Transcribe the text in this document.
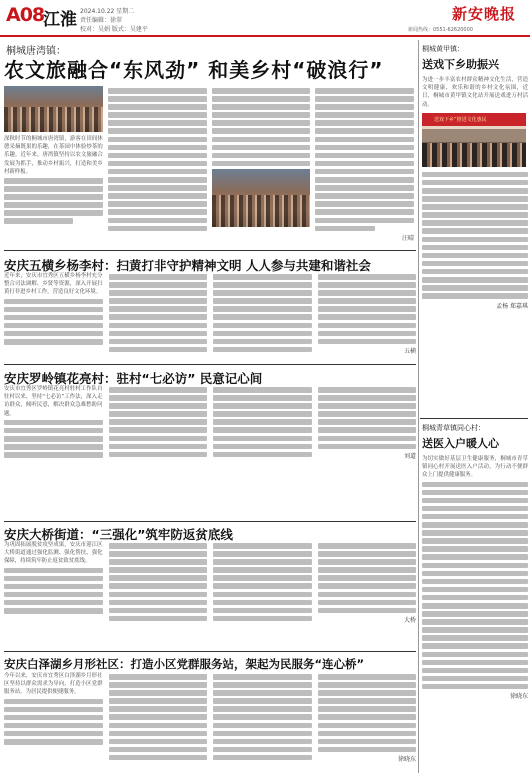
A08
江淮 2024.10.22 星期二
责任编辑：徐翠
校对：吴娟 版式：吴建平
新安晚报
新闻热线：0551-62620000
桐城唐湾镇：
农文旅融合“东风劲” 和美乡村“破浪行”
深秋时节的桐城市唐湾镇，游客在田间休憩采摘既果的乐趣，在茶园中体验炒茶的乐趣。近年来，唐湾镇坚持以农文旅融合发展为抓手，推动乡村振兴，打造和美乡村新样板。
汪晴
安庆五横乡杨李村：扫黄打非守护精神文明 人人参与共建和谐社会
近年来，安庆市宜秀区五横乡杨李村充分整合司法调解、乡贤等资源，深入开展扫黄打非进乡村工作，营造良好文化环境。
五横
安庆罗岭镇花亮村：驻村“七必访” 民意记心间
安庆市宜秀区罗岭镇花亮村驻村工作队自驻村以来，坚持“七必访”工作法，深入走访群众，倾听民意，解决群众急难愁盼问题。
刘道
安庆大桥街道：“三强化”筑牢防返贫底线
为巩固拓展脱贫攻坚成果，安庆市迎江区大桥街道通过强化监测、强化帮扶、强化保障，持续筑牢防止返贫致贫底线。
大桥
安庆白泽湖乡月形社区：打造小区党群服务站，架起为民服务“连心桥”
今年以来，安庆市宜秀区白泽湖乡月形社区坚持以群众需求为导向，打造小区党群服务站，为居民提供便捷服务。
徐晓东
桐城黄甲镇：
送戏下乡助振兴
为进一步丰富农村群众精神文化生活，营造文明健康、欢乐和谐的乡村文化氛围，近日，桐城市黄甲镇文化站开展送戏进万村活动。
送戏下乡”推进文化惠民
孟杨 郑嘉琪
桐城青草镇同心村：
送医入户暖人心
为切实做好基层卫生健康服务，桐城市青草镇同心村开展送医入户活动，为行动不便群众上门提供健康服务。
徐晓东
